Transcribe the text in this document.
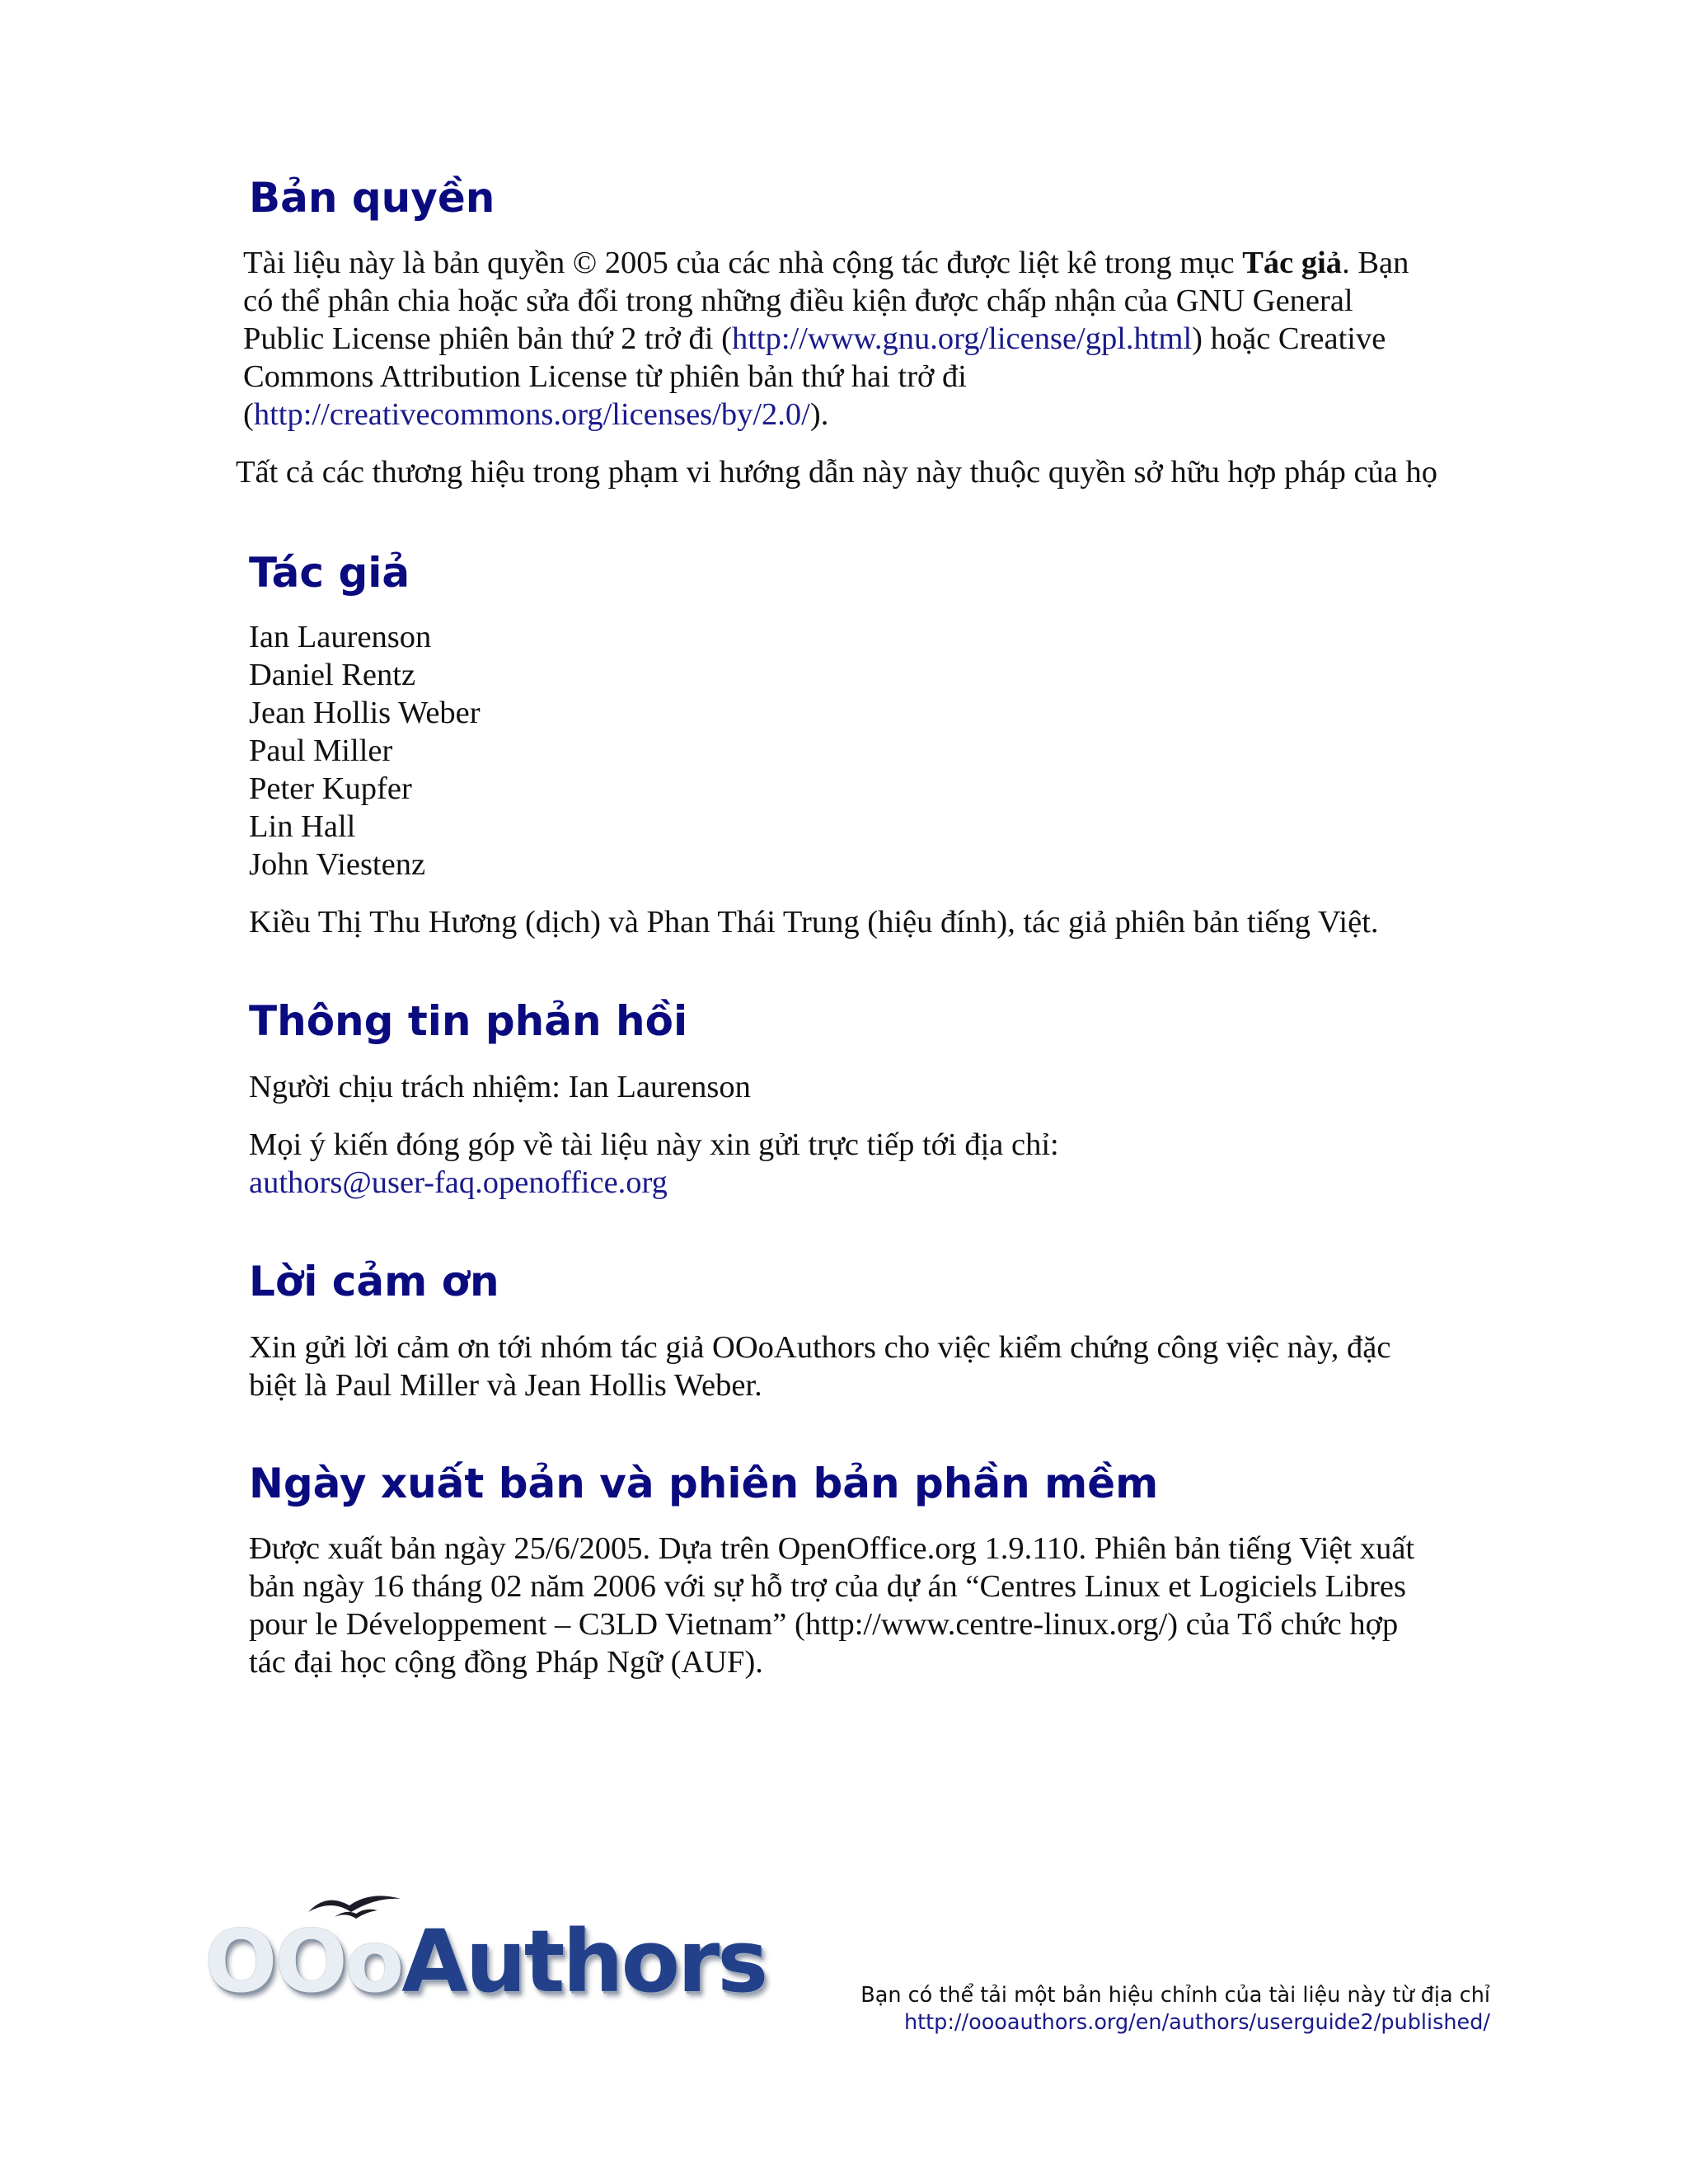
Bản quyền
Tài liệu này là bản quyền © 2005 của các nhà cộng tác được liệt kê trong mục Tác giả. Bạn
có thể phân chia hoặc sửa đổi trong những điều kiện được chấp nhận của GNU General
Public License phiên bản thứ 2 trở đi (http://www.gnu.org/license/gpl.html) hoặc Creative
Commons Attribution License từ phiên bản thứ hai trở đi
(http://creativecommons.org/licenses/by/2.0/).

Tất cả các thương hiệu trong phạm vi hướng dẫn này này thuộc quyền sở hữu hợp pháp của họ

Tác giả
Ian Laurenson
Daniel Rentz
Jean Hollis Weber
Paul Miller
Peter Kupfer
Lin Hall
John Viestenz

Kiều Thị Thu Hương (dịch) và Phan Thái Trung (hiệu đính), tác giả phiên bản tiếng Việt.

Thông tin phản hồi

Người chịu trách nhiệm: Ian Laurenson

Mọi ý kiến đóng góp về tài liệu này xin gửi trực tiếp tới địa chỉ:
authors@user-faq.openoffice.org
Lời cảm ơn
Xin gửi lời cảm ơn tới nhóm tác giả OOoAuthors cho việc kiểm chứng công việc này, đặc
biệt là Paul Miller và Jean Hollis Weber.
Ngày xuất bản và phiên bản phần mềm
Được xuất bản ngày 25/6/2005. Dựa trên OpenOffice.org 1.9.110. Phiên bản tiếng Việt xuất
bản ngày 16 tháng 02 năm 2006 với sự hỗ trợ của dự án “Centres Linux et Logiciels Libres
pour le Développement – C3LD Vietnam” (http://www.centre-linux.org/) của Tổ chức hợp
tác đại học cộng đồng Pháp Ngữ (AUF).
OOoAuthors	Bạn có thể tải một bản hiệu chỉnh của tài liệu này từ địa chỉ
http://oooauthors.org/en/authors/userguide2/published/
